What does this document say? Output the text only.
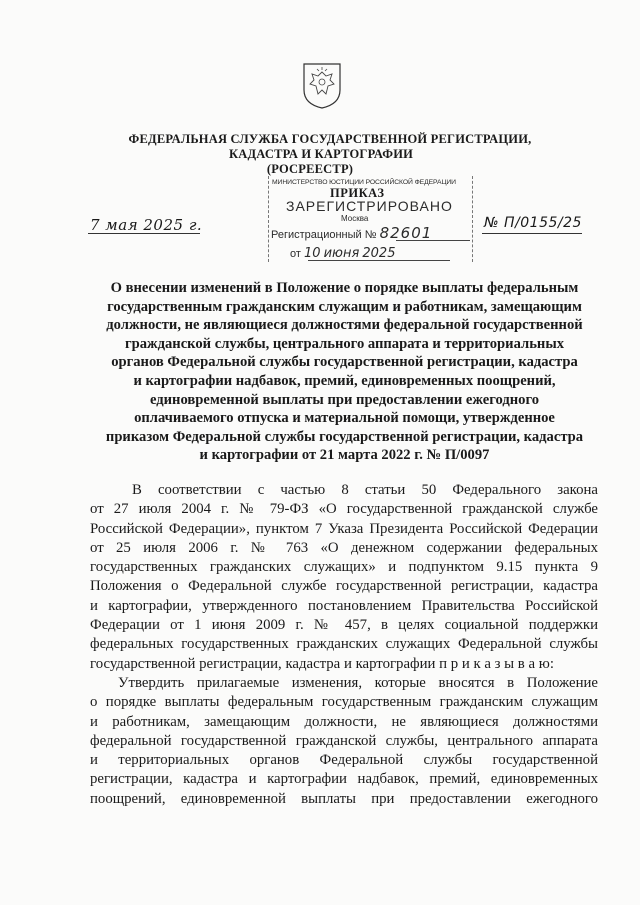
ФЕДЕРАЛЬНАЯ СЛУЖБА ГОСУДАРСТВЕННОЙ РЕГИСТРАЦИИ,
КАДАСТРА И КАРТОГРАФИИ
(РОСРЕЕСТР)
МИНИСТЕРСТВО ЮСТИЦИИ РОССИЙСКОЙ ФЕДЕРАЦИИ
ЗАРЕГИСТРИРОВАНО
Москва
Регистрационный № 82601
от 10 июня 2025
ПРИКАЗ
7 мая 2025 г.	№ П/0155/25
О внесении изменений в Положение о порядке выплаты федеральным
государственным гражданским служащим и работникам, замещающим
должности, не являющиеся должностями федеральной государственной
гражданской службы, центрального аппарата и территориальных
органов Федеральной службы государственной регистрации, кадастра
и картографии надбавок, премий, единовременных поощрений,
единовременной выплаты при предоставлении ежегодного
оплачиваемого отпуска и материальной помощи, утвержденное
приказом Федеральной службы государственной регистрации, кадастра
и картографии от 21 марта 2022 г. № П/0097
В соответствии с частью 8 статьи 50 Федерального закона
от 27 июля 2004 г. № 79-ФЗ «О государственной гражданской службе
Российской Федерации», пунктом 7 Указа Президента Российской Федерации
от 25 июля 2006 г. № 763 «О денежном содержании федеральных
государственных гражданских служащих» и подпунктом 9.15 пункта 9
Положения о Федеральной службе государственной регистрации, кадастра
и картографии, утвержденного постановлением Правительства Российской
Федерации от 1 июня 2009 г. № 457, в целях социальной поддержки
федеральных государственных гражданских служащих Федеральной службы
государственной регистрации, кадастра и картографии п р и к а з ы в а ю:
Утвердить прилагаемые изменения, которые вносятся в Положение
о порядке выплаты федеральным государственным гражданским служащим
и работникам, замещающим должности, не являющиеся должностями
федеральной государственной гражданской службы, центрального аппарата
и территориальных органов Федеральной службы государственной
регистрации, кадастра и картографии надбавок, премий, единовременных
поощрений, единовременной выплаты при предоставлении ежегодного
